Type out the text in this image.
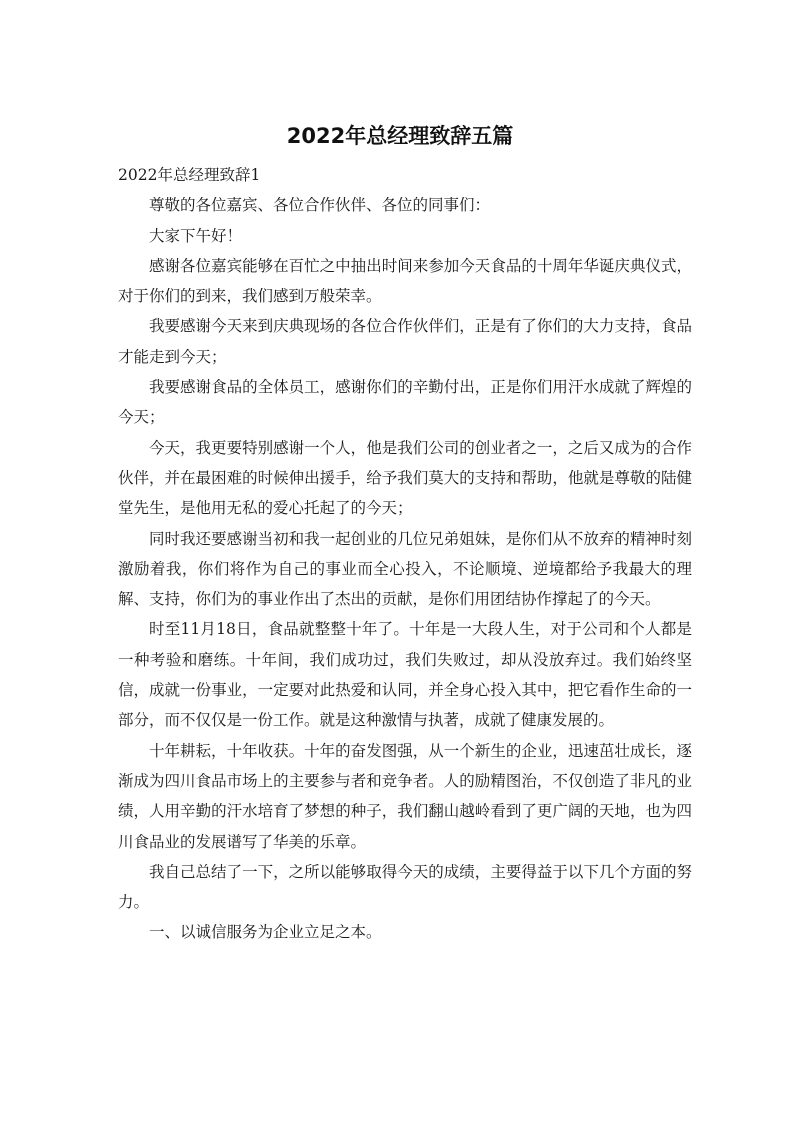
2022年总经理致辞五篇

2022年总经理致辞1

尊敬的各位嘉宾、各位合作伙伴、各位的同事们：

大家下午好！

感谢各位嘉宾能够在百忙之中抽出时间来参加今天食品的十周年华诞庆典仪式，对于你们的到来，我们感到万般荣幸。

我要感谢今天来到庆典现场的各位合作伙伴们，正是有了你们的大力支持，食品才能走到今天；

我要感谢食品的全体员工，感谢你们的辛勤付出，正是你们用汗水成就了辉煌的今天；

今天，我更要特别感谢一个人，他是我们公司的创业者之一，之后又成为的合作伙伴，并在最困难的时候伸出援手，给予我们莫大的支持和帮助，他就是尊敬的陆健堂先生，是他用无私的爱心托起了的今天；

同时我还要感谢当初和我一起创业的几位兄弟姐妹，是你们从不放弃的精神时刻激励着我，你们将作为自己的事业而全心投入，不论顺境、逆境都给予我最大的理解、支持，你们为的事业作出了杰出的贡献，是你们用团结协作撑起了的今天。

时至11月18日，食品就整整十年了。十年是一大段人生，对于公司和个人都是一种考验和磨练。十年间，我们成功过，我们失败过，却从没放弃过。我们始终坚信，成就一份事业，一定要对此热爱和认同，并全身心投入其中，把它看作生命的一部分，而不仅仅是一份工作。就是这种激情与执著，成就了健康发展的。

十年耕耘，十年收获。十年的奋发图强，从一个新生的企业，迅速茁壮成长，逐渐成为四川食品市场上的主要参与者和竞争者。人的励精图治，不仅创造了非凡的业绩，人用辛勤的汗水培育了梦想的种子，我们翻山越岭看到了更广阔的天地，也为四川食品业的发展谱写了华美的乐章。

我自己总结了一下，之所以能够取得今天的成绩，主要得益于以下几个方面的努力。

一、以诚信服务为企业立足之本。
